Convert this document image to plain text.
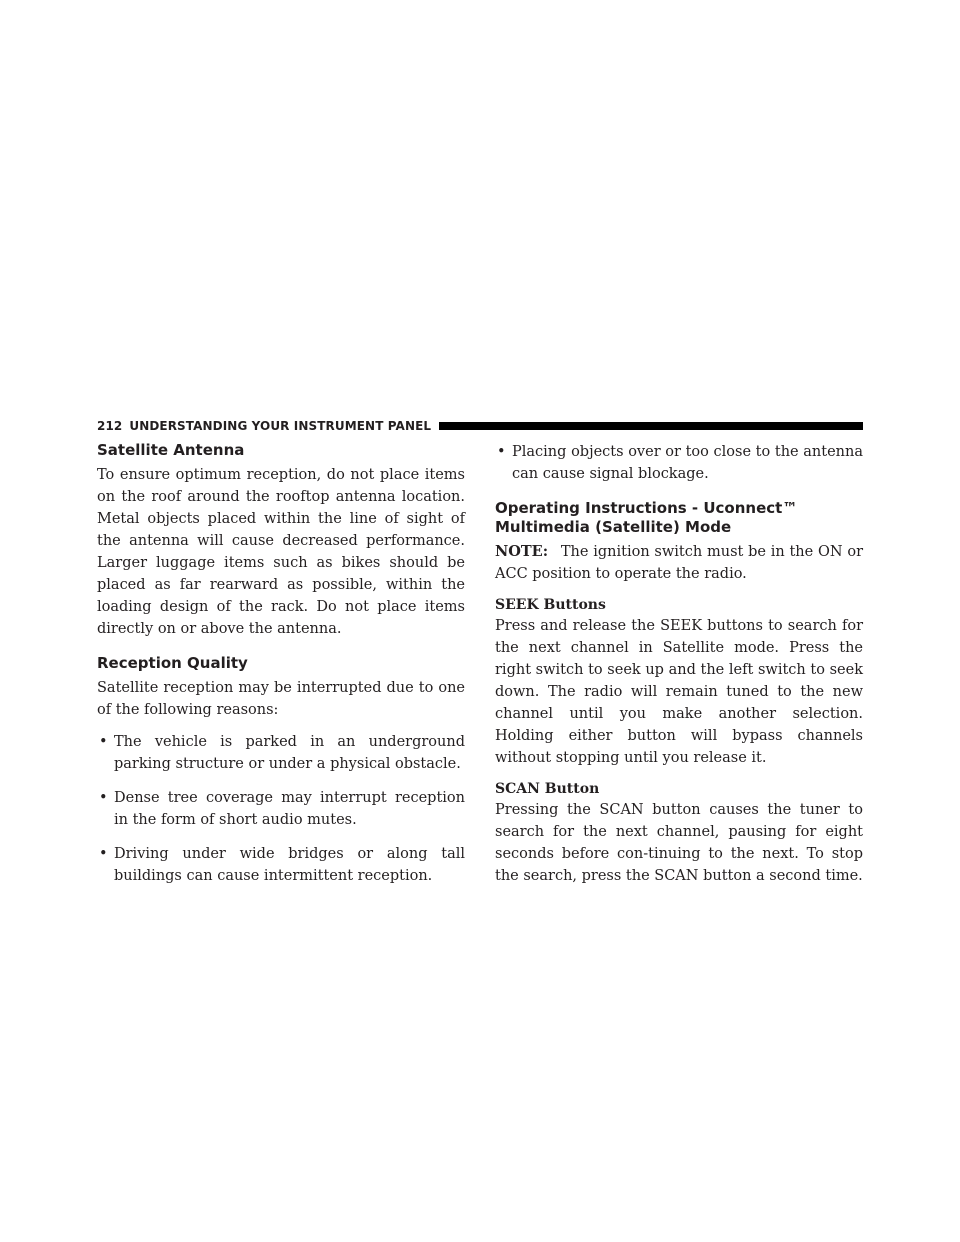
212 UNDERSTANDING YOUR INSTRUMENT PANEL
Satellite Antenna

To ensure optimum reception, do not place items on the roof around the rooftop antenna location. Metal objects placed within the line of sight of the antenna will cause decreased performance. Larger luggage items such as bikes should be placed as far rearward as possible, within the loading design of the rack. Do not place items directly on or above the antenna.

Reception Quality

Satellite reception may be interrupted due to one of the following reasons:

• The vehicle is parked in an underground parking structure or under a physical obstacle.
• Dense tree coverage may interrupt reception in the form of short audio mutes.
• Driving under wide bridges or along tall buildings can cause intermittent reception.
• Placing objects over or too close to the antenna can cause signal blockage.
Operating Instructions - Uconnect™ Multimedia (Satellite) Mode

NOTE: The ignition switch must be in the ON or ACC position to operate the radio.

SEEK Buttons

Press and release the SEEK buttons to search for the next channel in Satellite mode. Press the right switch to seek up and the left switch to seek down. The radio will remain tuned to the new channel until you make another selection. Holding either button will bypass channels without stopping until you release it.

SCAN Button

Pressing the SCAN button causes the tuner to search for the next channel, pausing for eight seconds before con-tinuing to the next. To stop the search, press the SCAN button a second time.
